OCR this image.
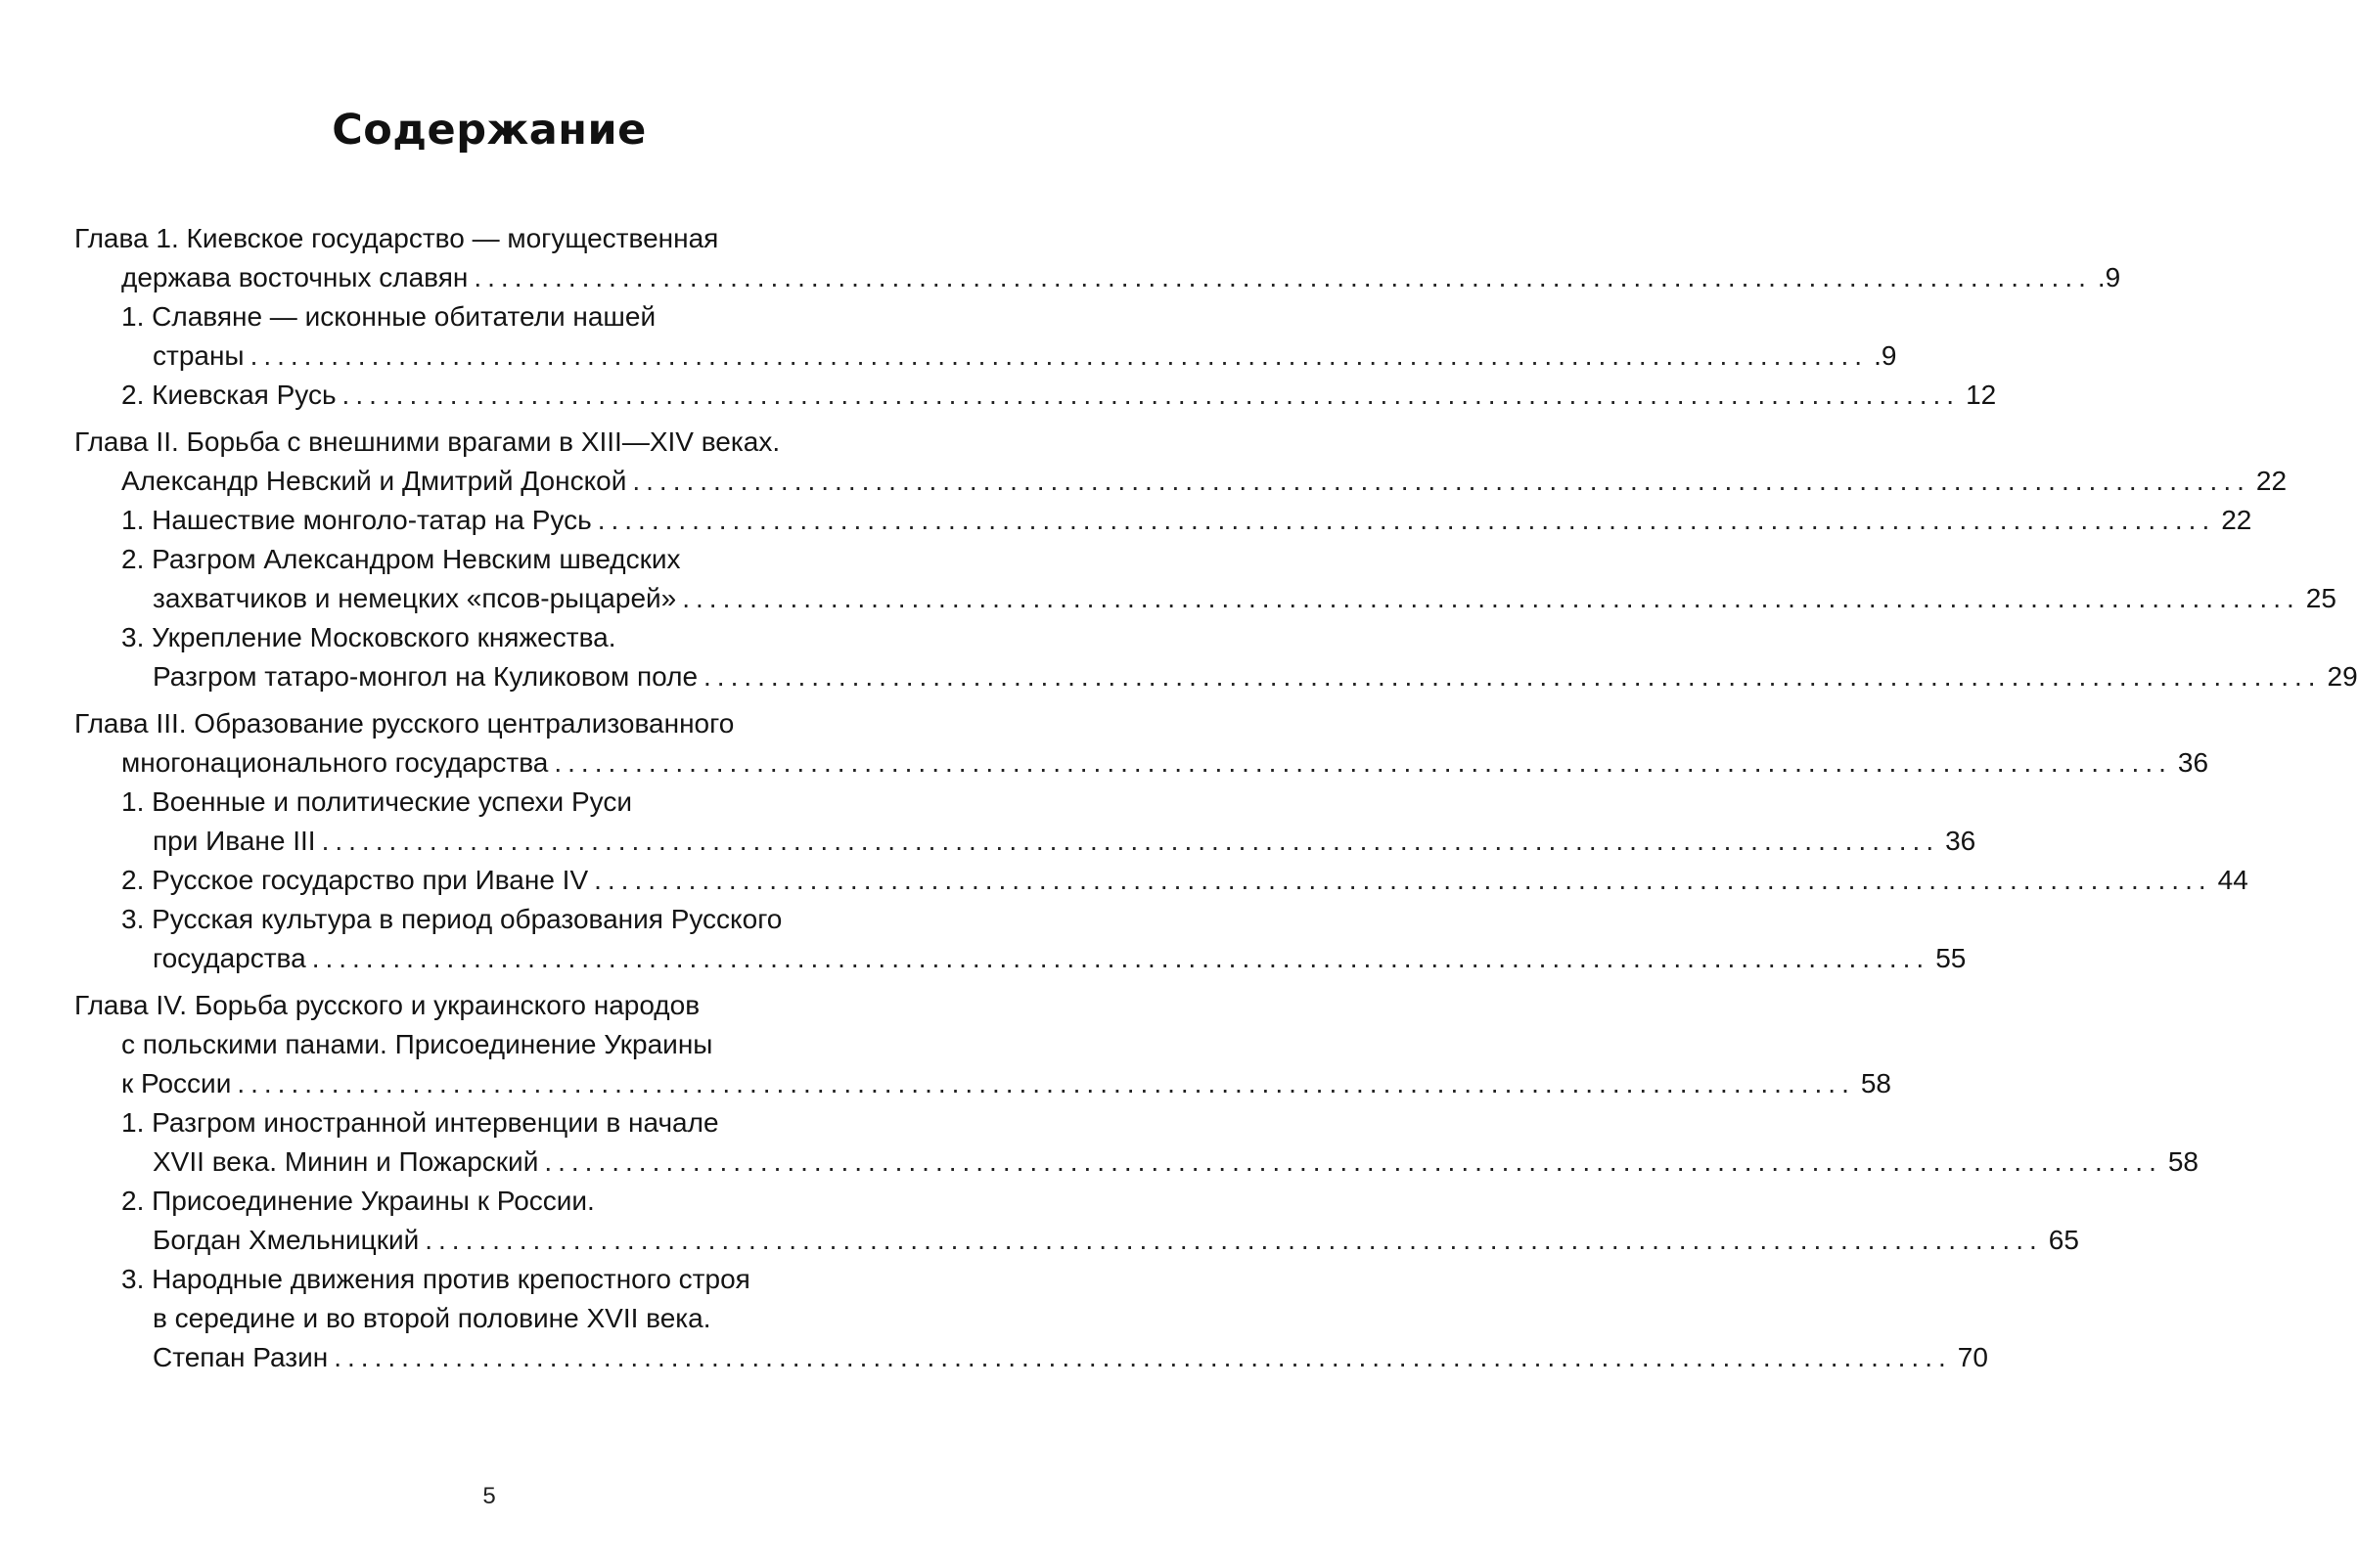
Содержание
Глава 1. Киевское государство — могущественная
держава восточных славян ........................................................................................................................ .9
1. Славяне — исконные обитатели нашей
страны ........................................................................................................................ .9
2. Киевская Русь ........................................................................................................................ 12
Глава II. Борьба с внешними врагами в XIII—XIV веках.
Александр Невский и Дмитрий Донской ........................................................................................................................ 22
1. Нашествие монголо-татар на Русь ........................................................................................................................ 22
2. Разгром Александром Невским шведских
захватчиков и немецких «псов-рыцарей» ........................................................................................................................ 25
3. Укрепление Московского княжества.
Разгром татаро-монгол на Куликовом поле ........................................................................................................................ 29
Глава III. Образование русского централизованного
многонационального государства ........................................................................................................................ 36
1. Военные и политические успехи Руси
при Иване III ........................................................................................................................ 36
2. Русское государство при Иване IV ........................................................................................................................ 44
3. Русская культура в период образования Русского
государства ........................................................................................................................ 55
Глава IV. Борьба русского и украинского народов
с польскими панами. Присоединение Украины
к России ........................................................................................................................ 58
1. Разгром иностранной интервенции в начале
XVII века. Минин и Пожарский ........................................................................................................................ 58
2. Присоединение Украины к России.
Богдан Хмельницкий ........................................................................................................................ 65
3. Народные движения против крепостного строя
в середине и во второй половине XVII века.
Степан Разин ........................................................................................................................ 70
5
